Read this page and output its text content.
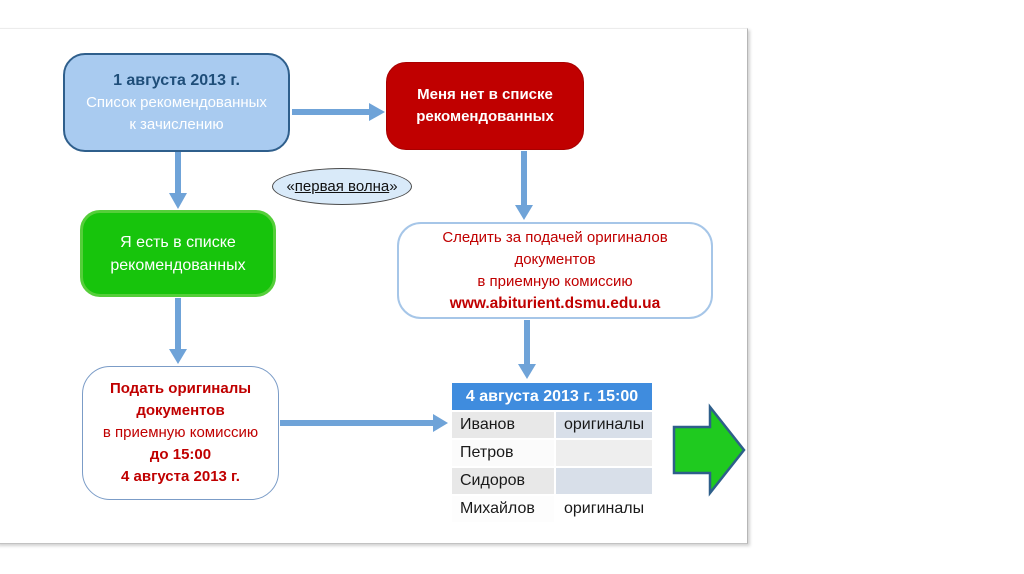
1 августа 2013 г.
Список рекомендованных
к зачислению
Меня нет в списке
рекомендованных
« первая волна »
Я есть в списке
рекомендованных
Следить за подачей оригиналов
документов
в приемную комиссию
www.abiturient.dsmu.edu.ua
Подать оригиналы
документов
в приемную комиссию
до 15:00
4 августа 2013 г.
4 августа 2013 г. 15:00	
Иванов	оригиналы
Петров	
Сидоров	
Михайлов	оригиналы
